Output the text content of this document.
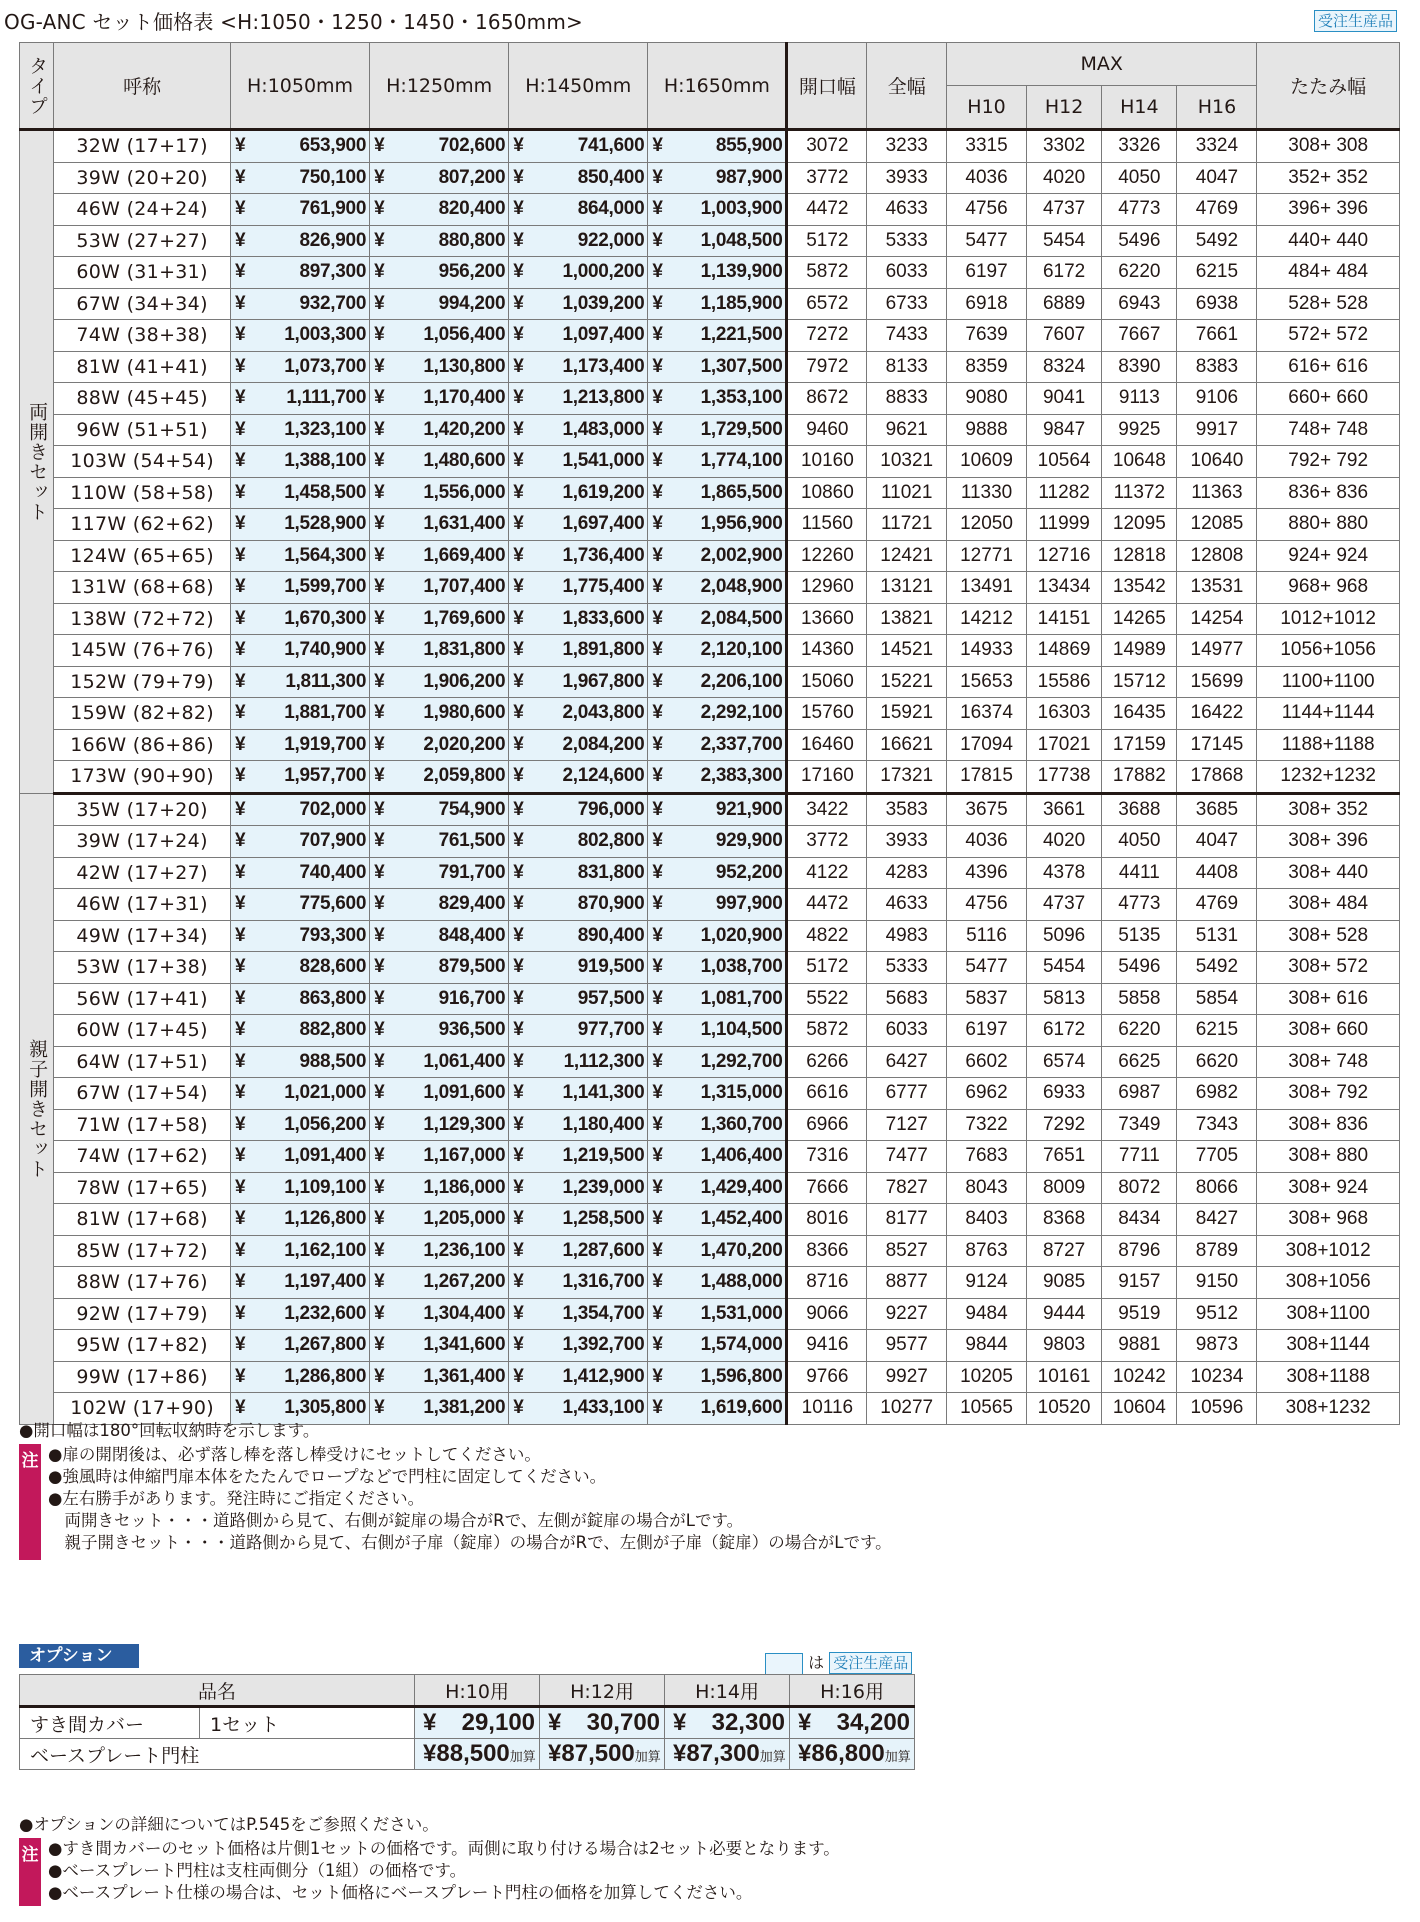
OG-ANC セット価格表 <H:1050・1250・1450・1650mm>	受注生産品
タイプ	呼称	H:1050mm	H:1250mm	H:1450mm	H:1650mm	開口幅	全幅	MAX				たたみ幅
								H10	H12	H14	H16	
両開きセット	32W (17+17)	¥ 653,900	¥ 702,600	¥ 741,600	¥ 855,900	3072	3233	3315	3302	3326	3324	308+ 308
	39W (20+20)	¥ 750,100	¥ 807,200	¥ 850,400	¥ 987,900	3772	3933	4036	4020	4050	4047	352+ 352
	46W (24+24)	¥ 761,900	¥ 820,400	¥ 864,000	¥ 1,003,900	4472	4633	4756	4737	4773	4769	396+ 396
	53W (27+27)	¥ 826,900	¥ 880,800	¥ 922,000	¥ 1,048,500	5172	5333	5477	5454	5496	5492	440+ 440
	60W (31+31)	¥ 897,300	¥ 956,200	¥ 1,000,200	¥ 1,139,900	5872	6033	6197	6172	6220	6215	484+ 484
	67W (34+34)	¥ 932,700	¥ 994,200	¥ 1,039,200	¥ 1,185,900	6572	6733	6918	6889	6943	6938	528+ 528
	74W (38+38)	¥ 1,003,300	¥ 1,056,400	¥ 1,097,400	¥ 1,221,500	7272	7433	7639	7607	7667	7661	572+ 572
	81W (41+41)	¥ 1,073,700	¥ 1,130,800	¥ 1,173,400	¥ 1,307,500	7972	8133	8359	8324	8390	8383	616+ 616
	88W (45+45)	¥ 1,111,700	¥ 1,170,400	¥ 1,213,800	¥ 1,353,100	8672	8833	9080	9041	9113	9106	660+ 660
	96W (51+51)	¥ 1,323,100	¥ 1,420,200	¥ 1,483,000	¥ 1,729,500	9460	9621	9888	9847	9925	9917	748+ 748
	103W (54+54)	¥ 1,388,100	¥ 1,480,600	¥ 1,541,000	¥ 1,774,100	10160	10321	10609	10564	10648	10640	792+ 792
	110W (58+58)	¥ 1,458,500	¥ 1,556,000	¥ 1,619,200	¥ 1,865,500	10860	11021	11330	11282	11372	11363	836+ 836
	117W (62+62)	¥ 1,528,900	¥ 1,631,400	¥ 1,697,400	¥ 1,956,900	11560	11721	12050	11999	12095	12085	880+ 880
	124W (65+65)	¥ 1,564,300	¥ 1,669,400	¥ 1,736,400	¥ 2,002,900	12260	12421	12771	12716	12818	12808	924+ 924
	131W (68+68)	¥ 1,599,700	¥ 1,707,400	¥ 1,775,400	¥ 2,048,900	12960	13121	13491	13434	13542	13531	968+ 968
	138W (72+72)	¥ 1,670,300	¥ 1,769,600	¥ 1,833,600	¥ 2,084,500	13660	13821	14212	14151	14265	14254	1012+1012
	145W (76+76)	¥ 1,740,900	¥ 1,831,800	¥ 1,891,800	¥ 2,120,100	14360	14521	14933	14869	14989	14977	1056+1056
	152W (79+79)	¥ 1,811,300	¥ 1,906,200	¥ 1,967,800	¥ 2,206,100	15060	15221	15653	15586	15712	15699	1100+1100
	159W (82+82)	¥ 1,881,700	¥ 1,980,600	¥ 2,043,800	¥ 2,292,100	15760	15921	16374	16303	16435	16422	1144+1144
	166W (86+86)	¥ 1,919,700	¥ 2,020,200	¥ 2,084,200	¥ 2,337,700	16460	16621	17094	17021	17159	17145	1188+1188
	173W (90+90)	¥ 1,957,700	¥ 2,059,800	¥ 2,124,600	¥ 2,383,300	17160	17321	17815	17738	17882	17868	1232+1232
親子開きセット	35W (17+20)	¥ 702,000	¥ 754,900	¥ 796,000	¥ 921,900	3422	3583	3675	3661	3688	3685	308+ 352
	39W (17+24)	¥ 707,900	¥ 761,500	¥ 802,800	¥ 929,900	3772	3933	4036	4020	4050	4047	308+ 396
	42W (17+27)	¥ 740,400	¥ 791,700	¥ 831,800	¥ 952,200	4122	4283	4396	4378	4411	4408	308+ 440
	46W (17+31)	¥ 775,600	¥ 829,400	¥ 870,900	¥ 997,900	4472	4633	4756	4737	4773	4769	308+ 484
	49W (17+34)	¥ 793,300	¥ 848,400	¥ 890,400	¥ 1,020,900	4822	4983	5116	5096	5135	5131	308+ 528
	53W (17+38)	¥ 828,600	¥ 879,500	¥ 919,500	¥ 1,038,700	5172	5333	5477	5454	5496	5492	308+ 572
	56W (17+41)	¥ 863,800	¥ 916,700	¥ 957,500	¥ 1,081,700	5522	5683	5837	5813	5858	5854	308+ 616
	60W (17+45)	¥ 882,800	¥ 936,500	¥ 977,700	¥ 1,104,500	5872	6033	6197	6172	6220	6215	308+ 660
	64W (17+51)	¥ 988,500	¥ 1,061,400	¥ 1,112,300	¥ 1,292,700	6266	6427	6602	6574	6625	6620	308+ 748
	67W (17+54)	¥ 1,021,000	¥ 1,091,600	¥ 1,141,300	¥ 1,315,000	6616	6777	6962	6933	6987	6982	308+ 792
	71W (17+58)	¥ 1,056,200	¥ 1,129,300	¥ 1,180,400	¥ 1,360,700	6966	7127	7322	7292	7349	7343	308+ 836
	74W (17+62)	¥ 1,091,400	¥ 1,167,000	¥ 1,219,500	¥ 1,406,400	7316	7477	7683	7651	7711	7705	308+ 880
	78W (17+65)	¥ 1,109,100	¥ 1,186,000	¥ 1,239,000	¥ 1,429,400	7666	7827	8043	8009	8072	8066	308+ 924
	81W (17+68)	¥ 1,126,800	¥ 1,205,000	¥ 1,258,500	¥ 1,452,400	8016	8177	8403	8368	8434	8427	308+ 968
	85W (17+72)	¥ 1,162,100	¥ 1,236,100	¥ 1,287,600	¥ 1,470,200	8366	8527	8763	8727	8796	8789	308+1012
	88W (17+76)	¥ 1,197,400	¥ 1,267,200	¥ 1,316,700	¥ 1,488,000	8716	8877	9124	9085	9157	9150	308+1056
	92W (17+79)	¥ 1,232,600	¥ 1,304,400	¥ 1,354,700	¥ 1,531,000	9066	9227	9484	9444	9519	9512	308+1100
	95W (17+82)	¥ 1,267,800	¥ 1,341,600	¥ 1,392,700	¥ 1,574,000	9416	9577	9844	9803	9881	9873	308+1144
	99W (17+86)	¥ 1,286,800	¥ 1,361,400	¥ 1,412,900	¥ 1,596,800	9766	9927	10205	10161	10242	10234	308+1188
	102W (17+90)	¥ 1,305,800	¥ 1,381,200	¥ 1,433,100	¥ 1,619,600	10116	10277	10565	10520	10604	10596	308+1232
●開口幅は180°回転収納時を示します。
注 ●扉の開閉後は、必ず落し棒を落し棒受けにセットしてください。
●強風時は伸縮門扉本体をたたんでロープなどで門柱に固定してください。
●左右勝手があります。発注時にご指定ください。
　両開きセット・・・道路側から見て、右側が錠扉の場合がRで、左側が錠扉の場合がLです。
　親子開きセット・・・道路側から見て、右側が子扉（錠扉）の場合がRで、左側が子扉（錠扉）の場合がLです。
オプション	は 受注生産品
品名		H:10用	H:12用	H:14用	H:16用
すき間カバー	1セット	¥ 29,100	¥ 30,700	¥ 32,300	¥ 34,200
ベースプレート門柱		¥ 88,500加算	¥ 87,500加算	¥ 87,300加算	¥ 86,800加算
●オプションの詳細についてはP.545をご参照ください。
注 ●すき間カバーのセット価格は片側1セットの価格です。両側に取り付ける場合は2セット必要となります。
●ベースプレート門柱は支柱両側分（1組）の価格です。
●ベースプレート仕様の場合は、セット価格にベースプレート門柱の価格を加算してください。
